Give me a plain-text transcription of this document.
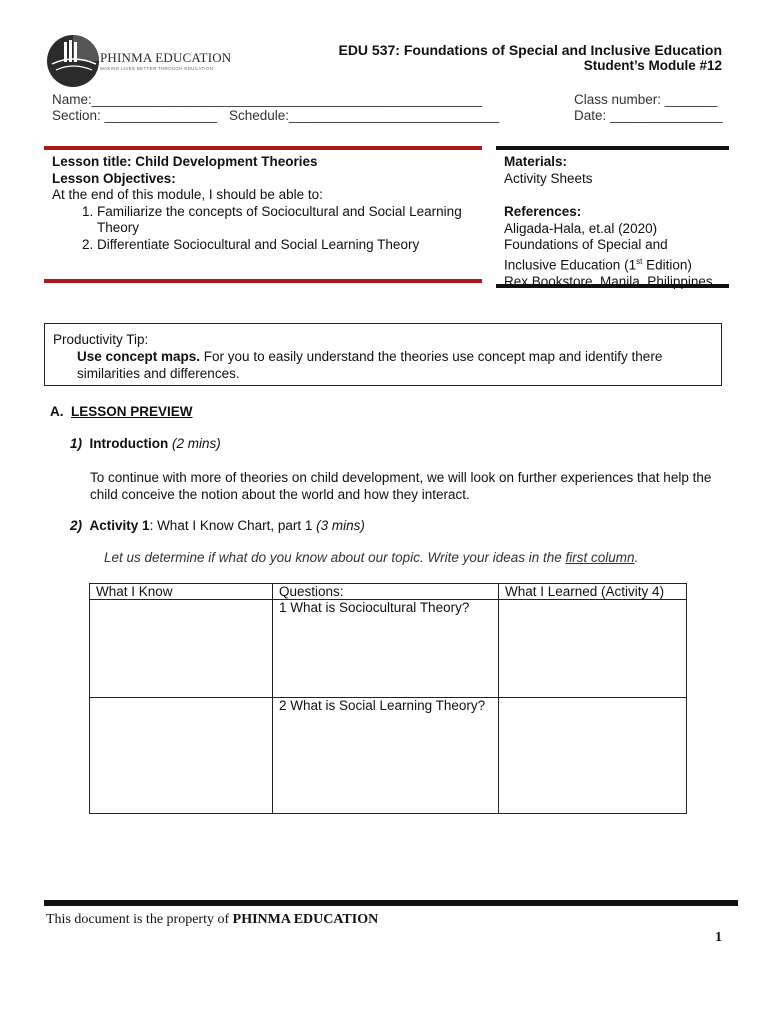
PHINMA EDUCATION
MAKING LIVES BETTER THROUGH EDUCATION
EDU 537: Foundations of Special and Inclusive Education
Student’s Module #12
Name:____________________________________________________	Class number: _______
Section: _______________ Schedule:____________________________	Date: _______________
Lesson title: Child Development Theories
Lesson Objectives:
At the end of this module, I should be able to:
1. Familiarize the concepts of Sociocultural and Social Learning Theory
2. Differentiate Sociocultural and Social Learning Theory
Materials:
Activity Sheets
References:
Aligada-Hala, et.al (2020)
Foundations of Special and
Inclusive Education (1st Edition)
Rex Bookstore, Manila, Philippines
Productivity Tip:
Use concept maps. For you to easily understand the theories use concept map and identify there similarities and differences.
A. LESSON PREVIEW
1) Introduction (2 mins)
To continue with more of theories on child development, we will look on further experiences that help the child conceive the notion about the world and how they interact.
2) Activity 1: What I Know Chart, part 1 (3 mins)
Let us determine if what do you know about our topic. Write your ideas in the first column.
What I Know	Questions:	What I Learned (Activity 4)
	1 What is Sociocultural Theory?	
	2 What is Social Learning Theory?	
This document is the property of PHINMA EDUCATION
1
